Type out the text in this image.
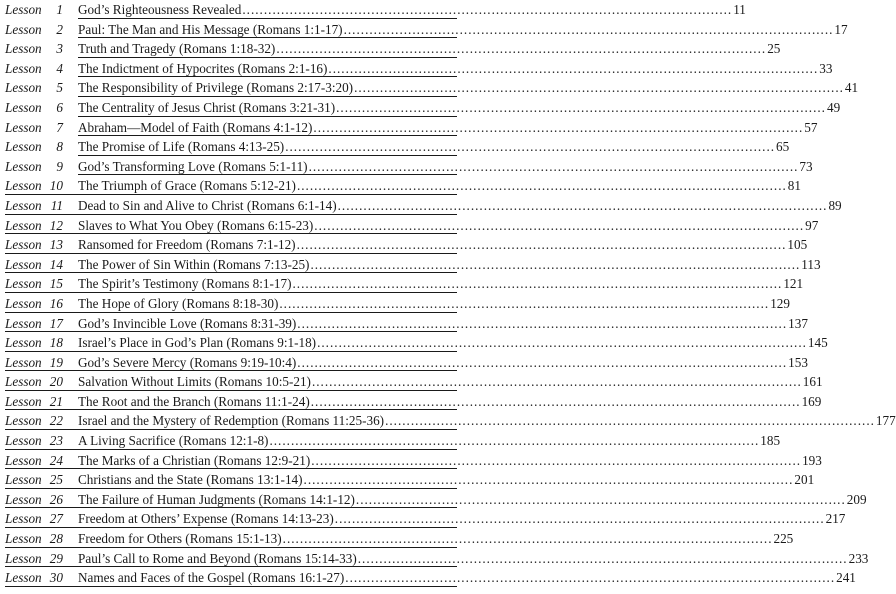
Lesson 1	God’s Righteousness Revealed .....	11
Lesson 2	Paul: The Man and His Message (Romans 1:1-17) .....	17
Lesson 3	Truth and Tragedy (Romans 1:18-32) .....	25
Lesson 4	The Indictment of Hypocrites (Romans 2:1-16) .....	33
Lesson 5	The Responsibility of Privilege (Romans 2:17-3:20) .....	41
Lesson 6	The Centrality of Jesus Christ (Romans 3:21-31) .....	49
Lesson 7	Abraham—Model of Faith (Romans 4:1-12) .....	57
Lesson 8	The Promise of Life (Romans 4:13-25) .....	65
Lesson 9	God’s Transforming Love (Romans 5:1-11) .....	73
Lesson 10	The Triumph of Grace (Romans 5:12-21) .....	81
Lesson 11	Dead to Sin and Alive to Christ (Romans 6:1-14) .....	89
Lesson 12	Slaves to What You Obey (Romans 6:15-23) .....	97
Lesson 13	Ransomed for Freedom (Romans 7:1-12) .....	105
Lesson 14	The Power of Sin Within (Romans 7:13-25) .....	113
Lesson 15	The Spirit’s Testimony (Romans 8:1-17) .....	121
Lesson 16	The Hope of Glory (Romans 8:18-30) .....	129
Lesson 17	God’s Invincible Love (Romans 8:31-39) .....	137
Lesson 18	Israel’s Place in God’s Plan (Romans 9:1-18) .....	145
Lesson 19	God’s Severe Mercy (Romans 9:19-10:4) .....	153
Lesson 20	Salvation Without Limits (Romans 10:5-21) .....	161
Lesson 21	The Root and the Branch (Romans 11:1-24) .....	169
Lesson 22	Israel and the Mystery of Redemption (Romans 11:25-36) .....	177
Lesson 23	A Living Sacrifice (Romans 12:1-8) .....	185
Lesson 24	The Marks of a Christian (Romans 12:9-21) .....	193
Lesson 25	Christians and the State (Romans 13:1-14) .....	201
Lesson 26	The Failure of Human Judgments (Romans 14:1-12) .....	209
Lesson 27	Freedom at Others’ Expense (Romans 14:13-23) .....	217
Lesson 28	Freedom for Others (Romans 15:1-13) .....	225
Lesson 29	Paul’s Call to Rome and Beyond (Romans 15:14-33) .....	233
Lesson 30	Names and Faces of the Gospel (Romans 16:1-27) .....	241
